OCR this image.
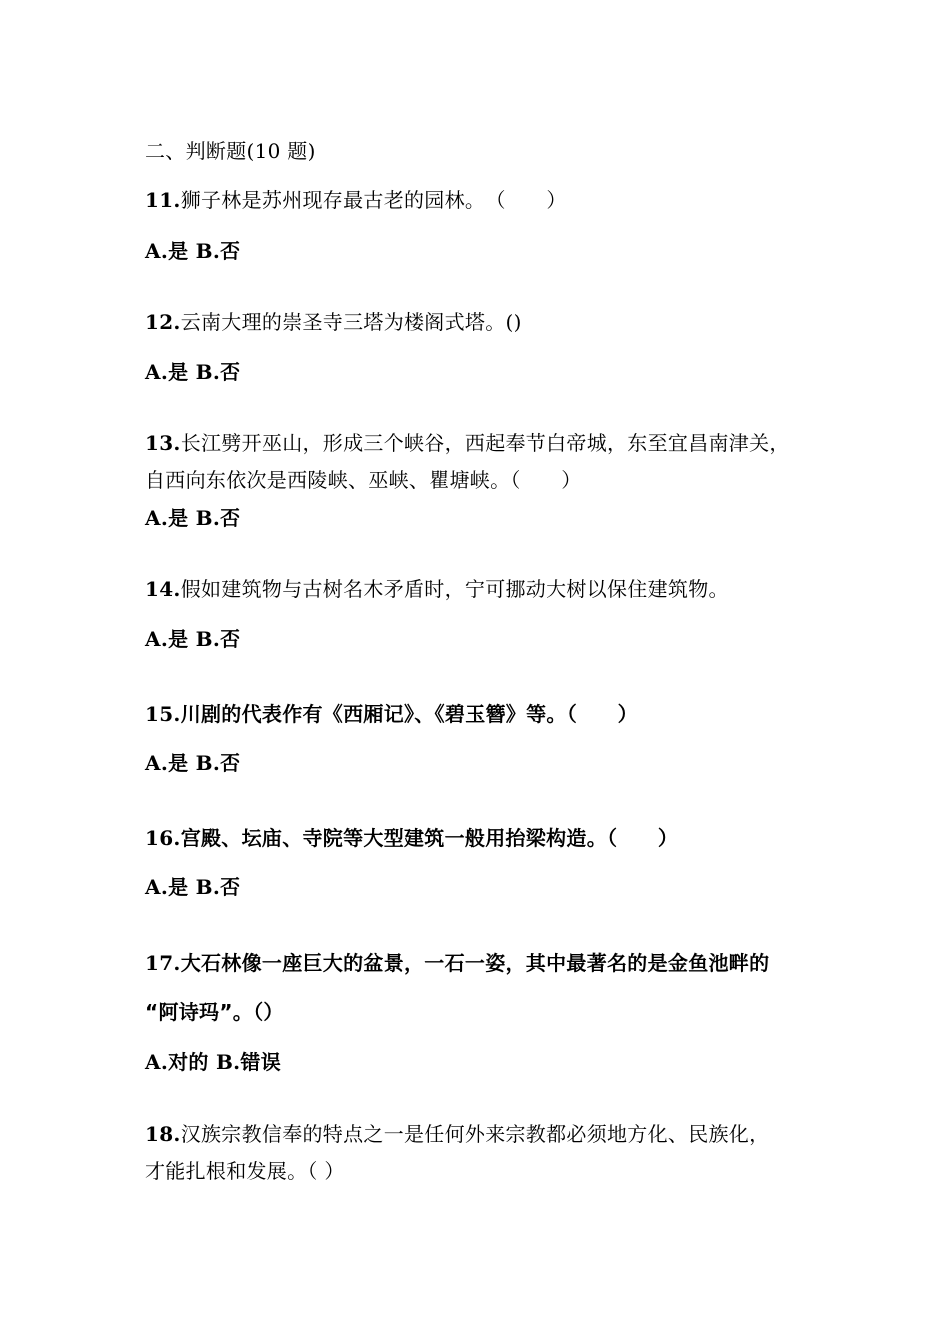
二、判断题(10 题)
11.狮子林是苏州现存最古老的园林。　（　　）
A.是 B.否
12.云南大理的崇圣寺三塔为楼阁式塔。()
A.是 B.否
13.长江劈开巫山，形成三个峡谷，西起奉节白帝城，东至宜昌南津关，
自西向东依次是西陵峡、巫峡、瞿塘峡。（　　）
A.是 B.否
14.假如建筑物与古树名木矛盾时，宁可挪动大树以保住建筑物。
A.是 B.否
15.川剧的代表作有《西厢记》、《碧玉簪》等。（　　）
A.是 B.否
16.宫殿、坛庙、寺院等大型建筑一般用抬梁构造。（　　）
A.是 B.否
17.大石林像一座巨大的盆景，一石一姿，其中最著名的是金鱼池畔的
“阿诗玛”。（）
A.对的 B.错误
18.汉族宗教信奉的特点之一是任何外来宗教都必须地方化、民族化，
才能扎根和发展。（ ）
